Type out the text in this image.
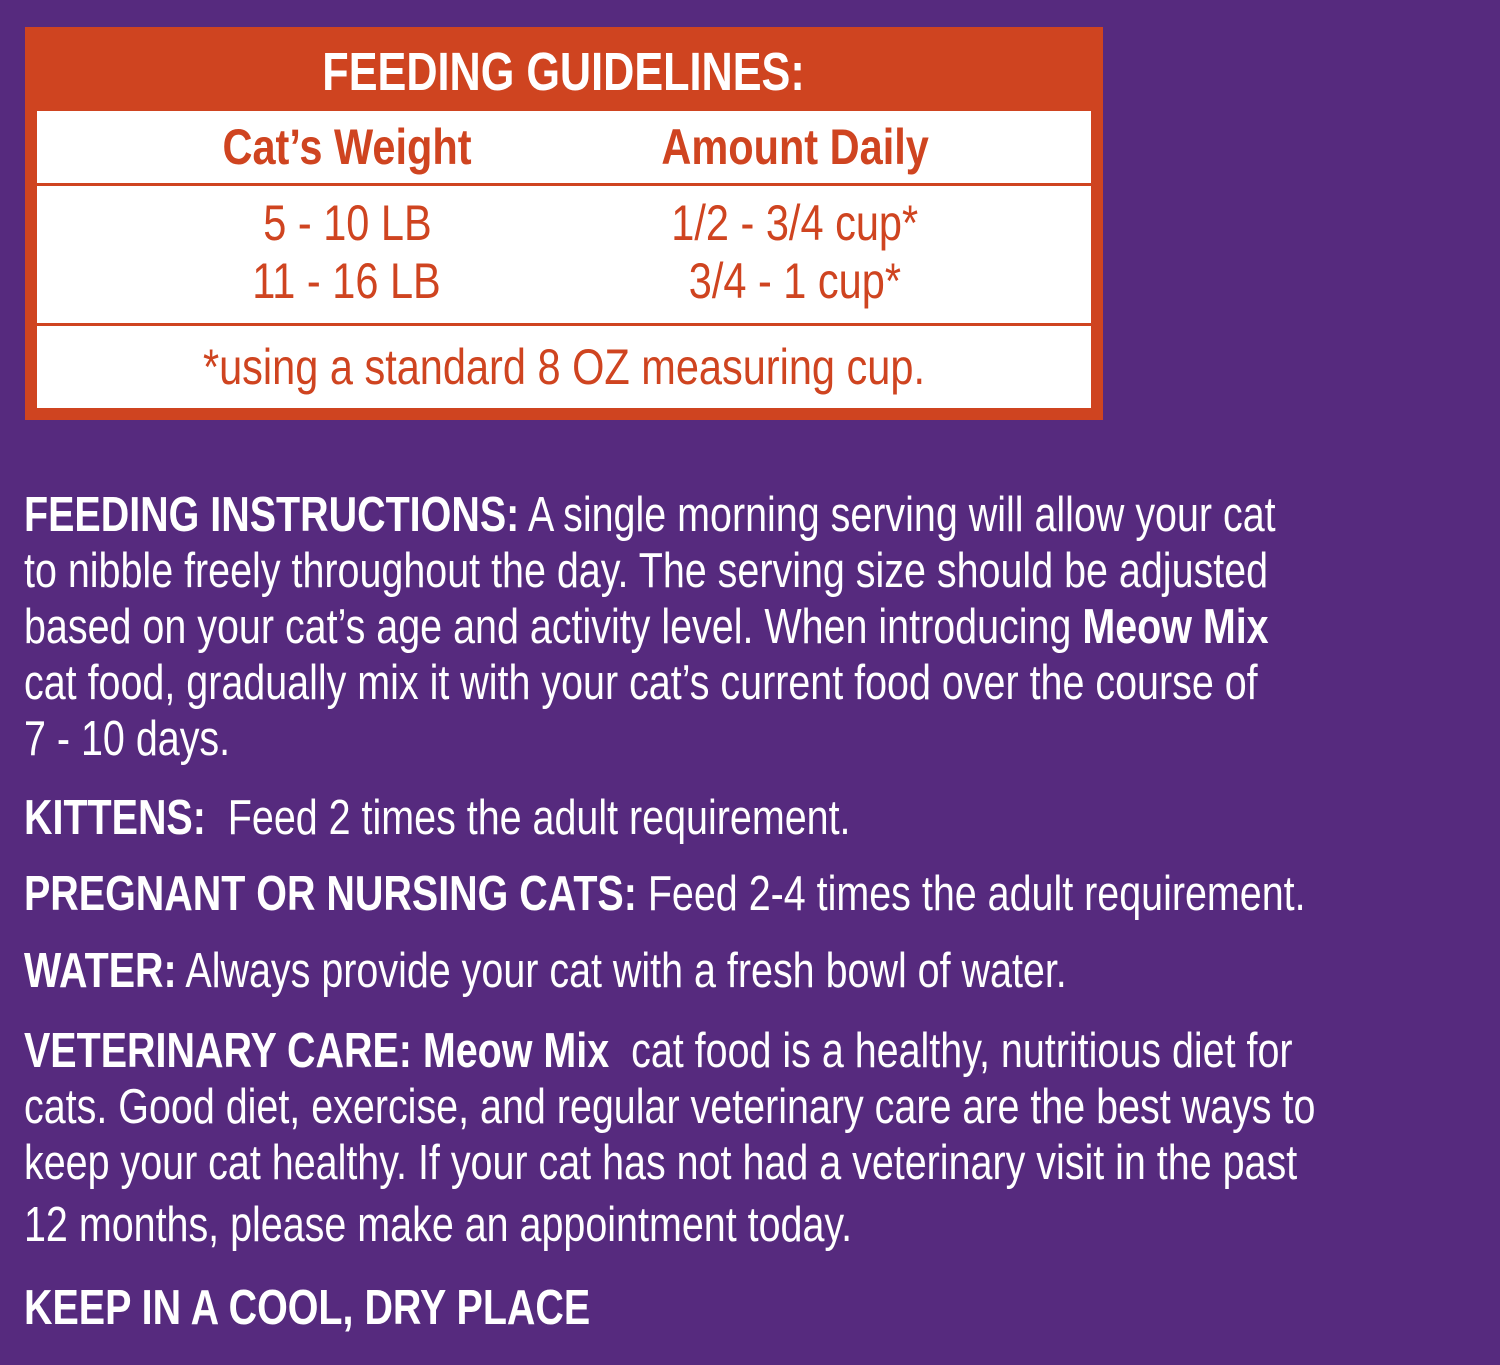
FEEDING GUIDELINES:
Cat’s Weight	Amount Daily
5 - 10 LB	1/2 - 3/4 cup*
11 - 16 LB	3/4 - 1 cup*
*using a standard 8 OZ measuring cup.
FEEDING INSTRUCTIONS: A single morning serving will allow your cat
to nibble freely throughout the day. The serving size should be adjusted
based on your cat’s age and activity level. When introducing Meow Mix
cat food, gradually mix it with your cat’s current food over the course of
7 - 10 days.
KITTENS:  Feed 2 times the adult requirement.
PREGNANT OR NURSING CATS: Feed 2-4 times the adult requirement.
WATER: Always provide your cat with a fresh bowl of water.
VETERINARY CARE: Meow Mix  cat food is a healthy, nutritious diet for
cats. Good diet, exercise, and regular veterinary care are the best ways to
keep your cat healthy. If your cat has not had a veterinary visit in the past
12 months, please make an appointment today.
KEEP IN A COOL, DRY PLACE
